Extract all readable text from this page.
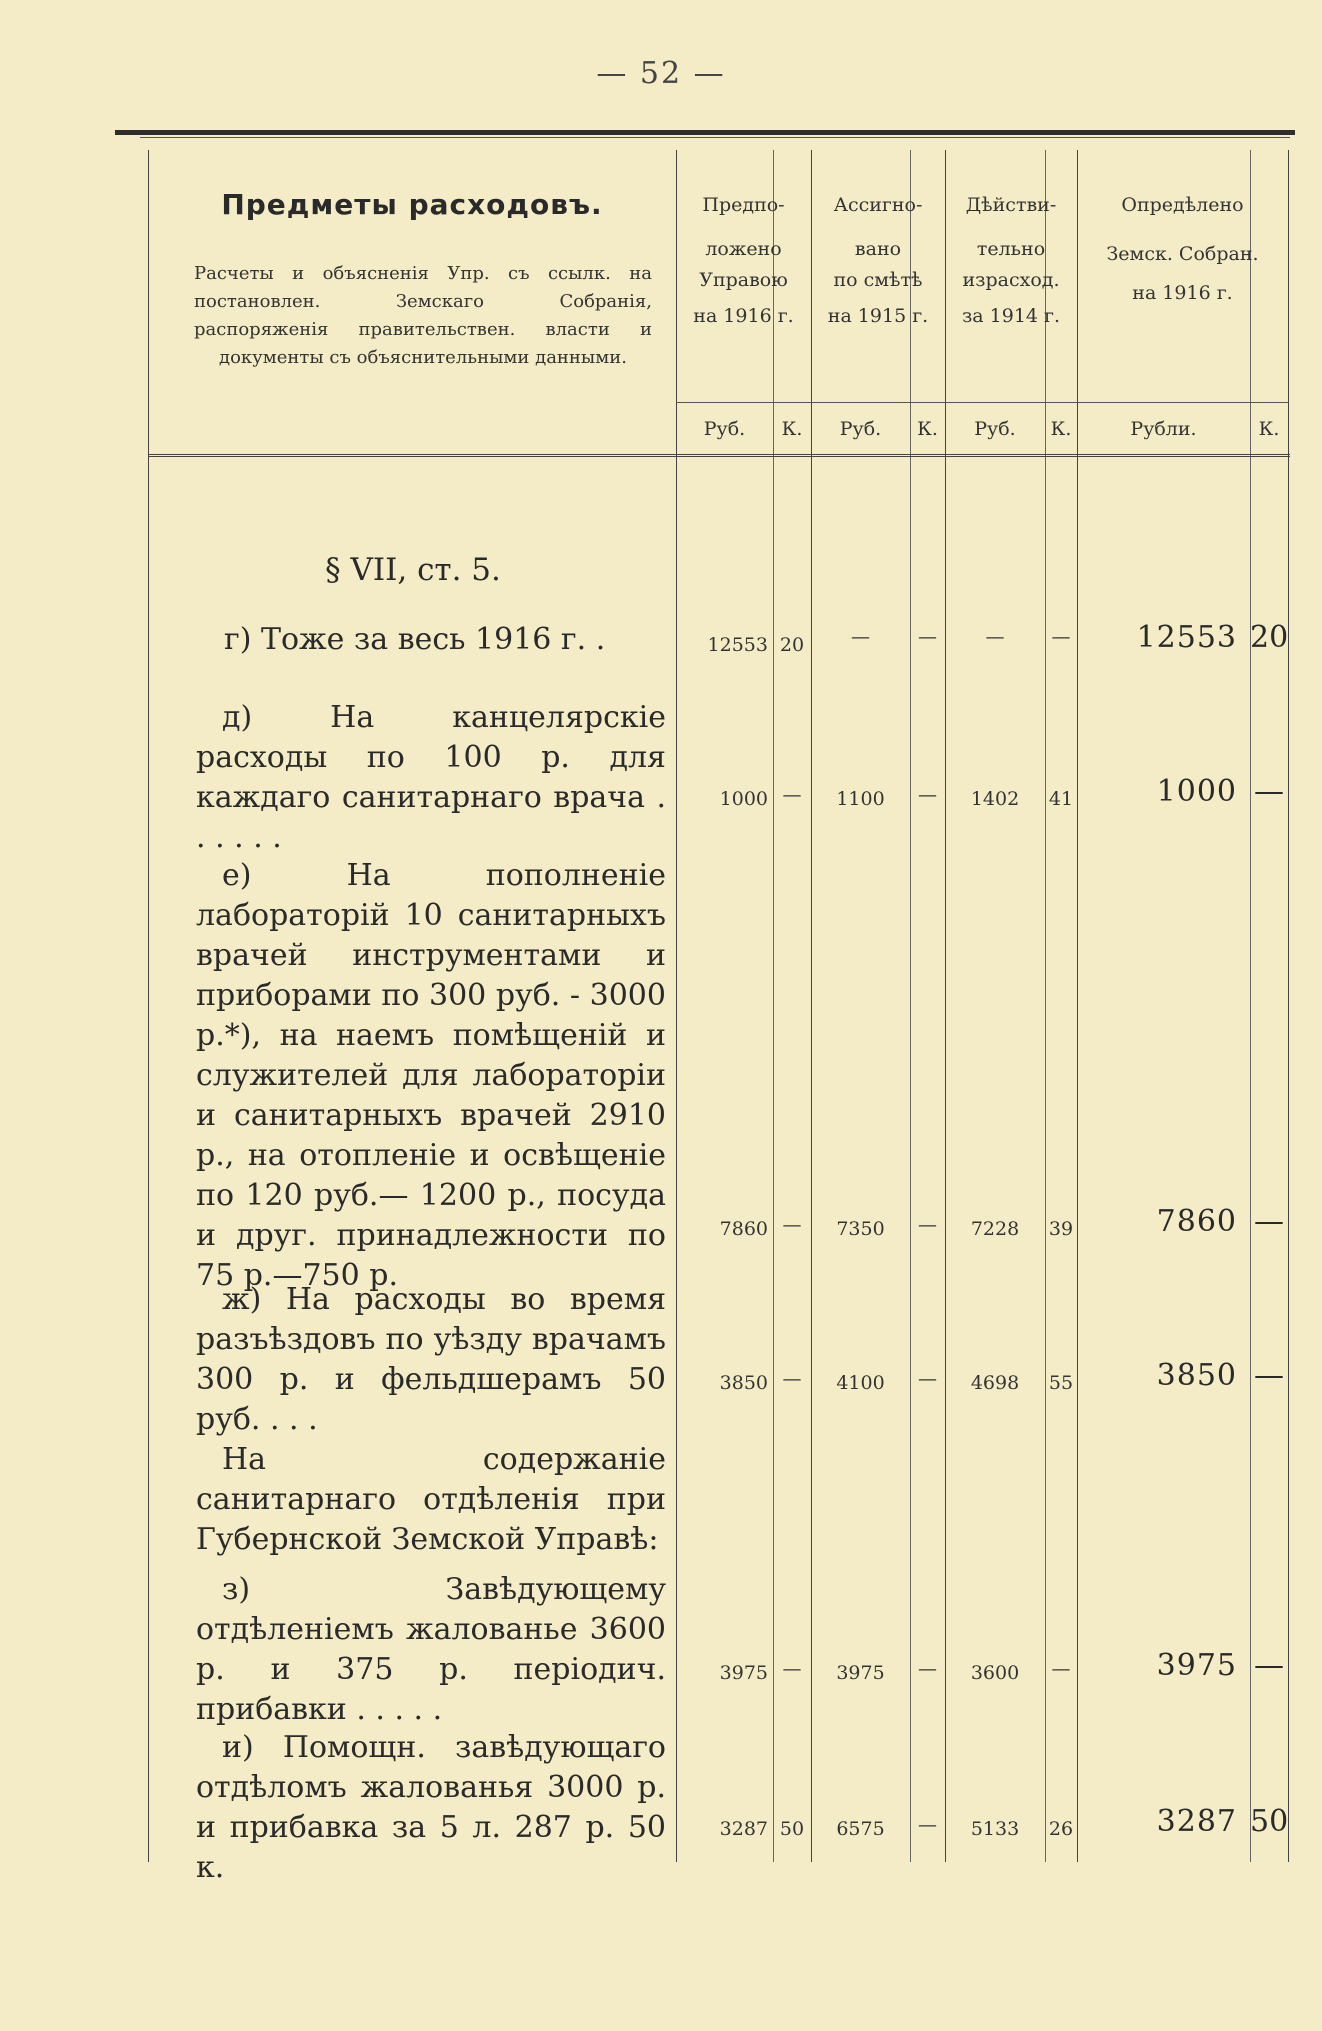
— 52 —
Предметы расходовъ.
Расчеты и объясненія Упр. съ ссылк. на постановлен. Земскаго Собранія, распоряженія правительствен. власти и документы съ объяснительными данными.
Предпо-
ложено
Управою
на 1916 г.
Ассигно-
вано
по смѣтѣ
на 1915 г.
Дѣйстви-
тельно
израсход.
за 1914 г.
Опредѣлено
Земск. Собран.
на 1916 г.
Руб.	К.	Руб.	К.	Руб.	К.	Рубли.	К.
§ VII, ст. 5.
г) Тоже за весь 1916 г. .	12553 20	—	—	—	—	12553 20
д) На канцелярскіе расходы по 100 р. для каждаго санитарнаго врача . . . . . .
1000 —	1100	—	1402	41	1000 —
е) На пополненіе лабораторій 10 санитарныхъ врачей инструментами и приборами по 300 руб. - 3000 р.*), на наемъ помѣщеній и служителей для лабораторіи и санитарныхъ врачей 2910 р., на отопленіе и освѣщеніе по 120 руб.— 1200 р., посуда и друг. принадлежности по 75 р.—750 р.
7860 —	7350	—	7228	39	7860 —
ж) На расходы во время разъѣздовъ по уѣзду врачамъ 300 р. и фельдшерамъ 50 руб. . . .
3850 —	4100	—	4698	55	3850 —
На содержаніе санитарнаго отдѣленія при Губернской Земской Управѣ:
з) Завѣдующему отдѣленіемъ жалованье 3600 р. и 375 р. періодич. прибавки . . . . .
3975 —	3975	—	3600	—	3975 —
и) Помощн. завѣдующаго отдѣломъ жалованья 3000 р. и прибавка за 5 л. 287 р. 50 к.
3287 50	6575	—	5133	26	3287 50
